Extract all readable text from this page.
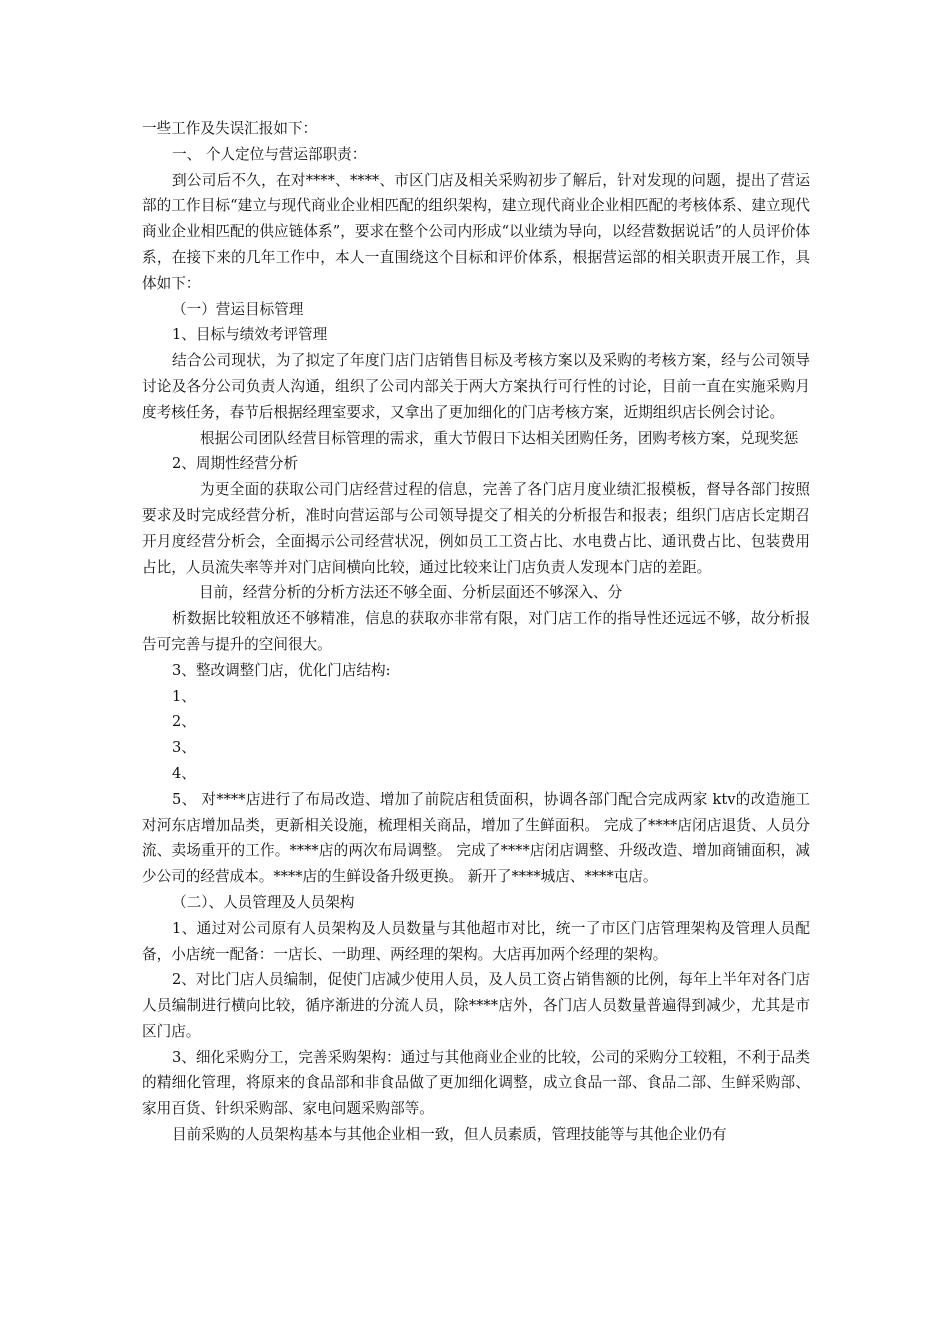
一些工作及失误汇报如下：

一、 个人定位与营运部职责：

到公司后不久，在对****、****、市区门店及相关采购初步了解后，针对发现的问题，提出了营运部的工作目标“建立与现代商业企业相匹配的组织架构，建立现代商业企业相匹配的考核体系、建立现代商业企业相匹配的供应链体系”，要求在整个公司内形成“以业绩为导向，以经营数据说话”的人员评价体系，在接下来的几年工作中，本人一直围绕这个目标和评价体系，根据营运部的相关职责开展工作，具体如下：

（一）营运目标管理

1、目标与绩效考评管理

结合公司现状，为了拟定了年度门店门店销售目标及考核方案以及采购的考核方案，经与公司领导讨论及各分公司负责人沟通，组织了公司内部关于两大方案执行可行性的讨论，目前一直在实施采购月度考核任务，春节后根据经理室要求，又拿出了更加细化的门店考核方案，近期组织店长例会讨论。

根据公司团队经营目标管理的需求，重大节假日下达相关团购任务，团购考核方案，兑现奖惩

2、周期性经营分析

为更全面的获取公司门店经营过程的信息，完善了各门店月度业绩汇报模板，督导各部门按照要求及时完成经营分析，准时向营运部与公司领导提交了相关的分析报告和报表；组织门店店长定期召开月度经营分析会，全面揭示公司经营状况，例如员工工资占比、水电费占比、通讯费占比、包装费用占比，人员流失率等并对门店间横向比较，通过比较来让门店负责人发现本门店的差距。

目前，经营分析的分析方法还不够全面、分析层面还不够深入、分

析数据比较粗放还不够精准，信息的获取亦非常有限，对门店工作的指导性还远远不够，故分析报告可完善与提升的空间很大。

3、整改调整门店，优化门店结构:

1、

2、

3、

4、

5、 对****店进行了布局改造、增加了前院店租赁面积，协调各部门配合完成两家 ktv的改造施工 对河东店增加品类，更新相关设施，梳理相关商品，增加了生鲜面积。 完成了****店闭店退货、人员分流、卖场重开的工作。****店的两次布局调整。 完成了****店闭店调整、升级改造、增加商铺面积，减少公司的经营成本。****店的生鲜设备升级更换。 新开了****城店、****屯店。

（二）、人员管理及人员架构

1、通过对公司原有人员架构及人员数量与其他超市对比，统一了市区门店管理架构及管理人员配备，小店统一配备：一店长、一助理、两经理的架构。大店再加两个经理的架构。

2、对比门店人员编制，促使门店减少使用人员，及人员工资占销售额的比例，每年上半年对各门店人员编制进行横向比较，循序渐进的分流人员，除****店外，各门店人员数量普遍得到减少，尤其是市区门店。

3、细化采购分工，完善采购架构：通过与其他商业企业的比较，公司的采购分工较粗，不利于品类的精细化管理，将原来的食品部和非食品做了更加细化调整，成立食品一部、食品二部、生鲜采购部、家用百货、针织采购部、家电问题采购部等。

目前采购的人员架构基本与其他企业相一致，但人员素质，管理技能等与其他企业仍有
